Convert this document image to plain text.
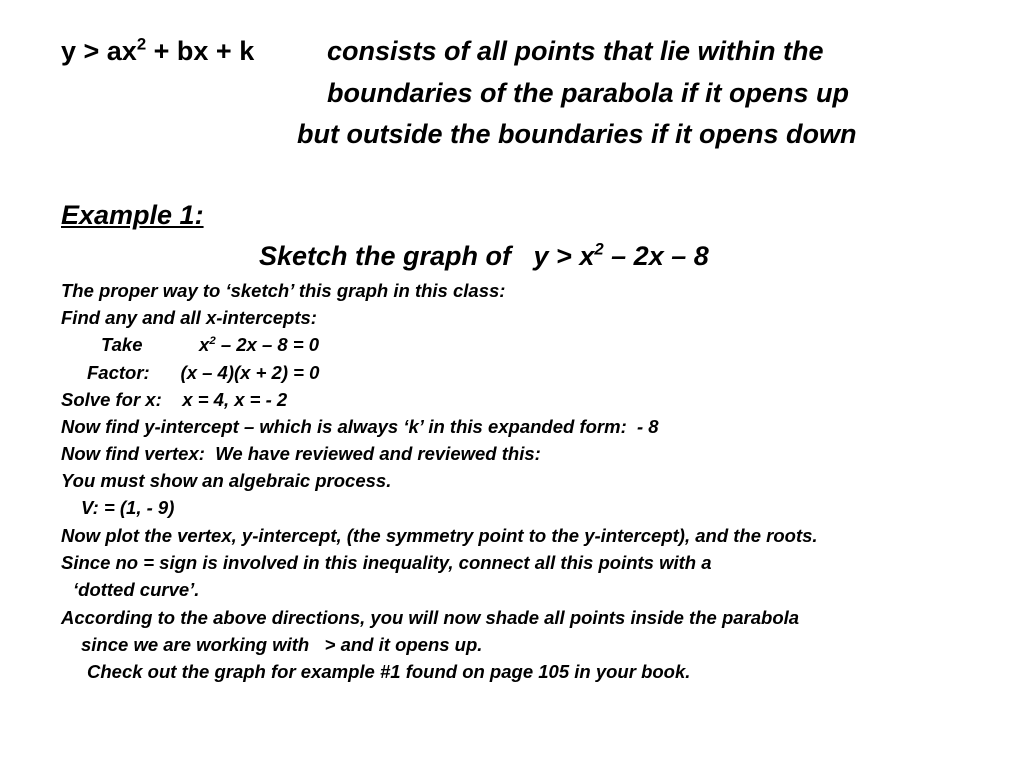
$y > ax^2$ + bx + k	consists of all points that lie within the
boundaries of the parabola if it opens up
but outside the boundaries if it opens down
Example 1:
Sketch the graph of   $y > x^2 - 2x - 8$
The proper way to ‘sketch’ this graph in this class:
Find any and all x-intercepts:
Take           $x^2 - 2x - 8 = 0$
Factor:      (x – 4)(x + 2) = 0
Solve for x:    x = 4, x = - 2
Now find y-intercept – which is always ‘k’ in this expanded form:  - 8
Now find vertex:  We have reviewed and reviewed this:
You must show an algebraic process.
V: = (1, - 9)
Now plot the vertex, y-intercept, (the symmetry point to the y-intercept), and the roots.
Since no = sign is involved in this inequality, connect all this points with a
‘dotted curve’.
According to the above directions, you will now shade all points inside the parabola
since we are working with   > and it opens up.
Check out the graph for example #1 found on page 105 in your book.
